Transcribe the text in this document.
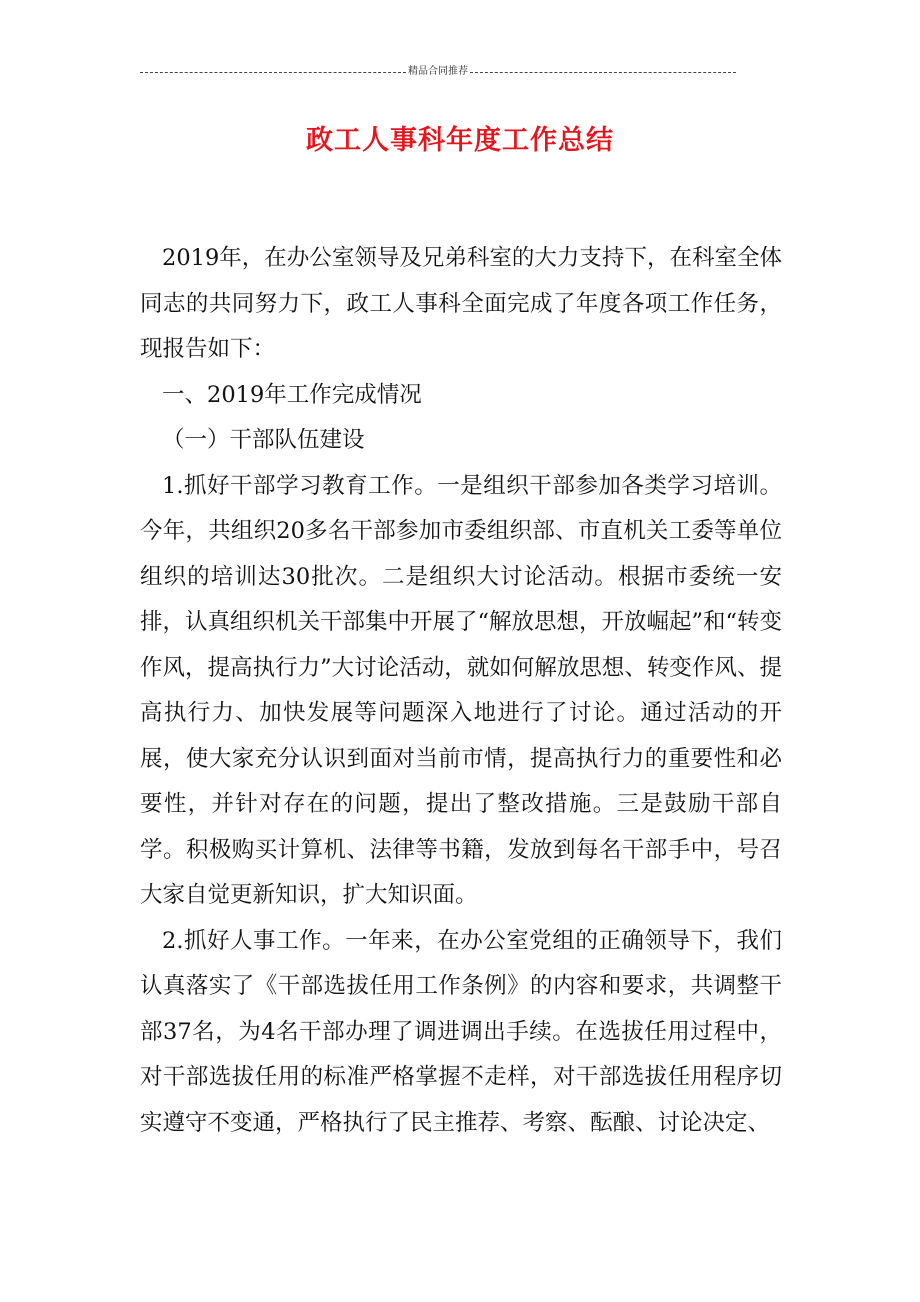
精品合同推荐
政工人事科年度工作总结

2019年，在办公室领导及兄弟科室的大力支持下，在科室全体同志的共同努力下，政工人事科全面完成了年度各项工作任务，现报告如下：

一、2019年工作完成情况

（一）干部队伍建设

1.抓好干部学习教育工作。一是组织干部参加各类学习培训。今年，共组织20多名干部参加市委组织部、市直机关工委等单位组织的培训达30批次。二是组织大讨论活动。根据市委统一安排，认真组织机关干部集中开展了“解放思想，开放崛起”和“转变作风，提高执行力”大讨论活动，就如何解放思想、转变作风、提高执行力、加快发展等问题深入地进行了讨论。通过活动的开展，使大家充分认识到面对当前市情，提高执行力的重要性和必要性，并针对存在的问题，提出了整改措施。三是鼓励干部自学。积极购买计算机、法律等书籍，发放到每名干部手中，号召大家自觉更新知识，扩大知识面。

2.抓好人事工作。一年来，在办公室党组的正确领导下，我们认真落实了《干部选拔任用工作条例》的内容和要求，共调整干部37名，为4名干部办理了调进调出手续。在选拔任用过程中，对干部选拔任用的标准严格掌握不走样，对干部选拔任用程序切实遵守不变通，严格执行了民主推荐、考察、酝酿、讨论决定、
